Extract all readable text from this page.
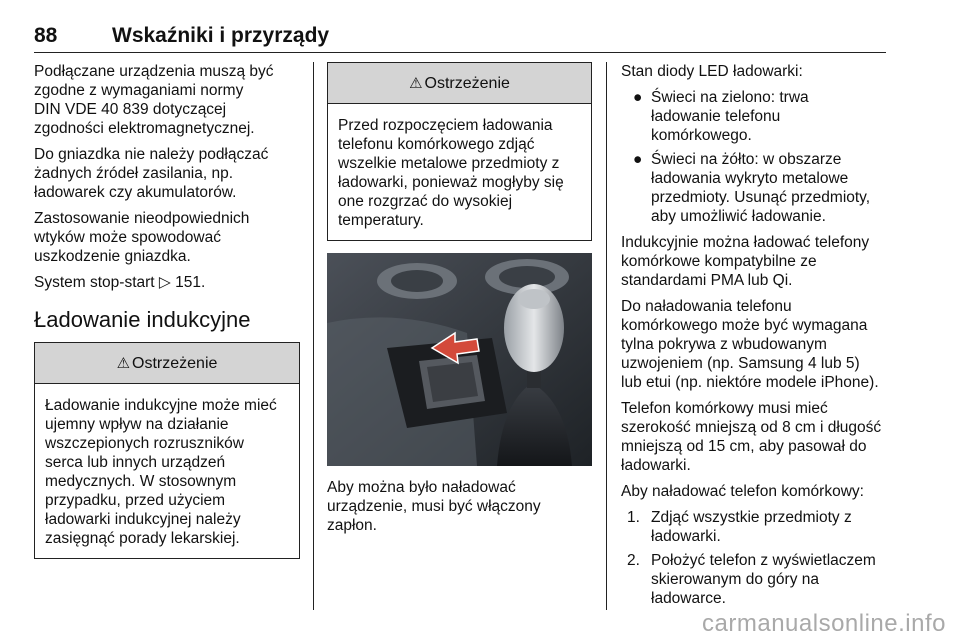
88	Wskaźniki i przyrządy

Podłączane urządzenia muszą być
zgodne z wymaganiami normy
DIN VDE 40 839 dotyczącej
zgodności elektromagnetycznej.

Do gniazdka nie należy podłączać
żadnych źródeł zasilania, np.
ładowarek czy akumulatorów.

Zastosowanie nieodpowiednich
wtyków może spowodować
uszkodzenie gniazdka.

System stop-start ▷ 151.

Ładowanie indukcyjne
⚠ Ostrzeżenie
Ładowanie indukcyjne może mieć
ujemny wpływ na działanie
wszczepionych rozruszników
serca lub innych urządzeń
medycznych. W stosownym
przypadku, przed użyciem
ładowarki indukcyjnej należy
zasięgnąć porady lekarskiej.
⚠ Ostrzeżenie
Przed rozpoczęciem ładowania
telefonu komórkowego zdjąć
wszelkie metalowe przedmioty z
ładowarki, ponieważ mogłyby się
one rozgrzać do wysokiej
temperatury.

Aby można było naładować
urządzenie, musi być włączony
zapłon.

Stan diody LED ładowarki:

● Świeci na zielono: trwa
ładowanie telefonu
komórkowego.
● Świeci na żółto: w obszarze
ładowania wykryto metalowe
przedmioty. Usunąć przedmioty,
aby umożliwić ładowanie.

Indukcyjnie można ładować telefony
komórkowe kompatybilne ze
standardami PMA lub Qi.

Do naładowania telefonu
komórkowego może być wymagana
tylna pokrywa z wbudowanym
uzwojeniem (np. Samsung 4 lub 5)
lub etui (np. niektóre modele iPhone).

Telefon komórkowy musi mieć
szerokość mniejszą od 8 cm i długość
mniejszą od 15 cm, aby pasował do
ładowarki.

Aby naładować telefon komórkowy:

1. Zdjąć wszystkie przedmioty z
ładowarki.
2. Położyć telefon z wyświetlaczem
skierowanym do góry na
ładowarce.
carmanualsonline.info
